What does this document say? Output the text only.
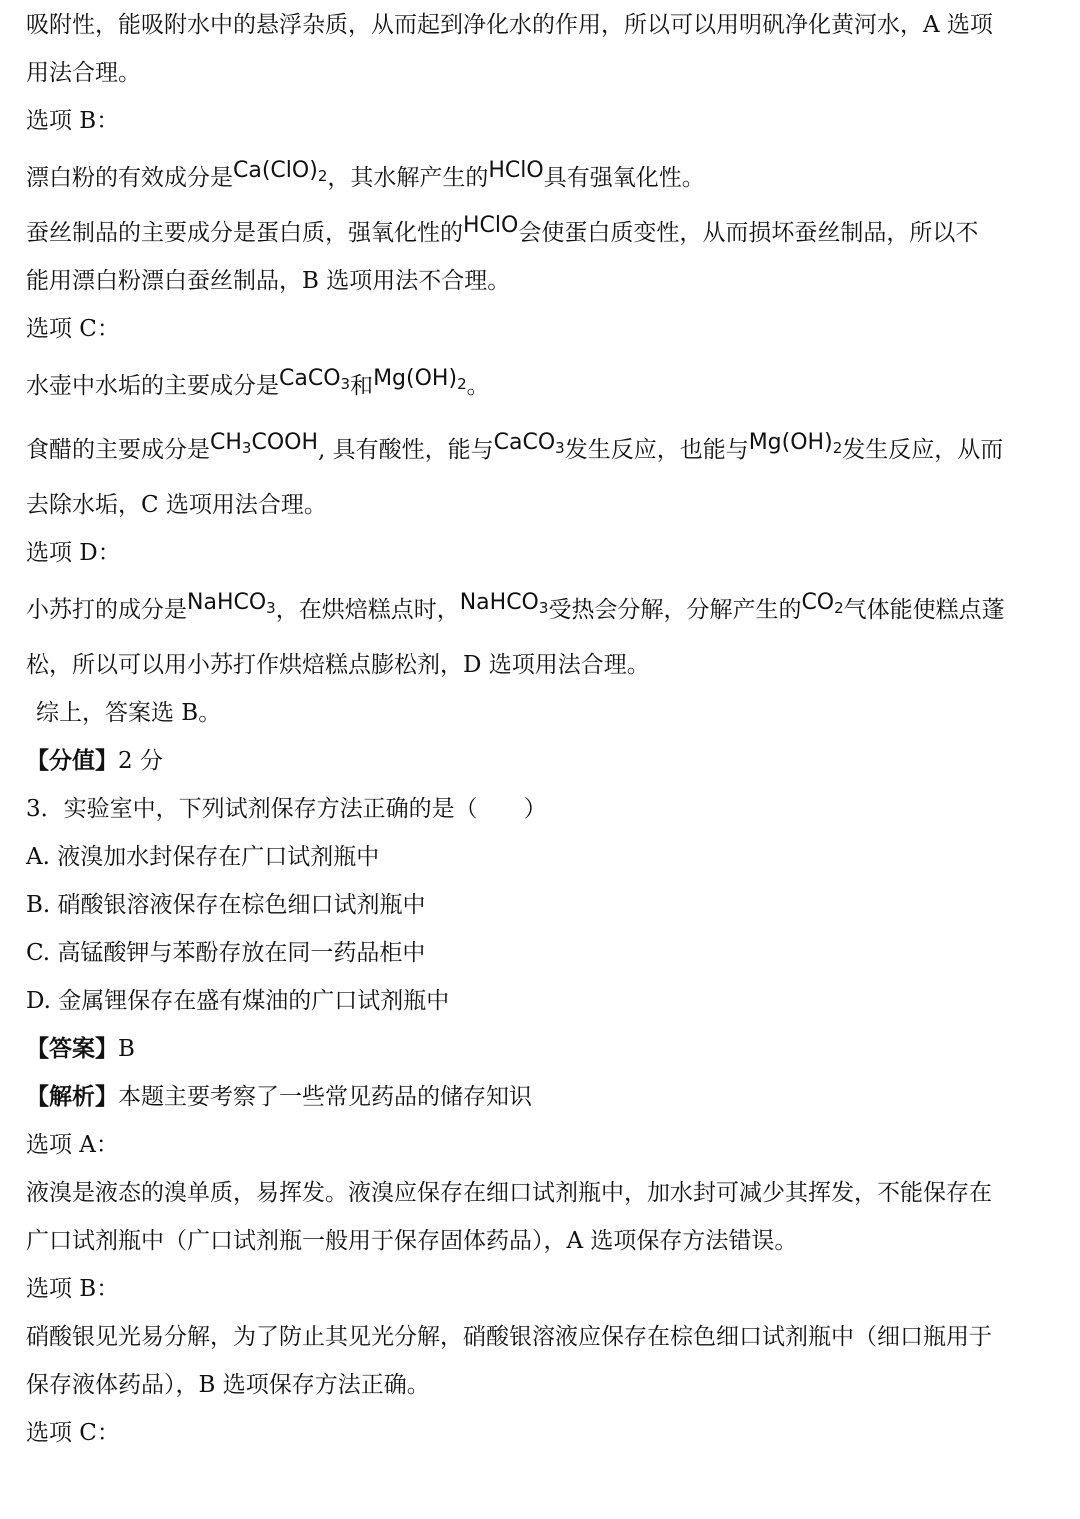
吸附性，能吸附水中的悬浮杂质，从而起到净化水的作用，所以可以用明矾净化黄河水，A 选项
用法合理。
选项 B：
漂白粉的有效成分是$Ca(ClO)_2$，其水解产生的HClO具有强氧化性。
蚕丝制品的主要成分是蛋白质，强氧化性的HClO会使蛋白质变性，从而损坏蚕丝制品，所以不
能用漂白粉漂白蚕丝制品，B 选项用法不合理。
选项 C：
水壶中水垢的主要成分是CaCO$_3$和$Mg(OH)_2$。
食醋的主要成分是$CH_3COOH$, 具有酸性，能与CaCO$_3$发生反应，也能与$Mg(OH)_2$发生反应，从而
去除水垢，C 选项用法合理。
选项 D：
小苏打的成分是NaHCO$_3$，在烘焙糕点时，NaHCO$_3$受热会分解，分解产生的$CO_2$气体能使糕点蓬
松，所以可以用小苏打作烘焙糕点膨松剂，D 选项用法合理。
综上，答案选 B。
【分值】2 分
3．实验室中，下列试剂保存方法正确的是（　　）
A. 液溴加水封保存在广口试剂瓶中
B. 硝酸银溶液保存在棕色细口试剂瓶中
C. 高锰酸钾与苯酚存放在同一药品柜中
D. 金属锂保存在盛有煤油的广口试剂瓶中
【答案】B
【解析】本题主要考察了一些常见药品的储存知识
选项 A：
液溴是液态的溴单质，易挥发。液溴应保存在细口试剂瓶中，加水封可减少其挥发，不能保存在
广口试剂瓶中（广口试剂瓶一般用于保存固体药品），A 选项保存方法错误。
选项 B：
硝酸银见光易分解，为了防止其见光分解，硝酸银溶液应保存在棕色细口试剂瓶中（细口瓶用于
保存液体药品），B 选项保存方法正确。
选项 C：
